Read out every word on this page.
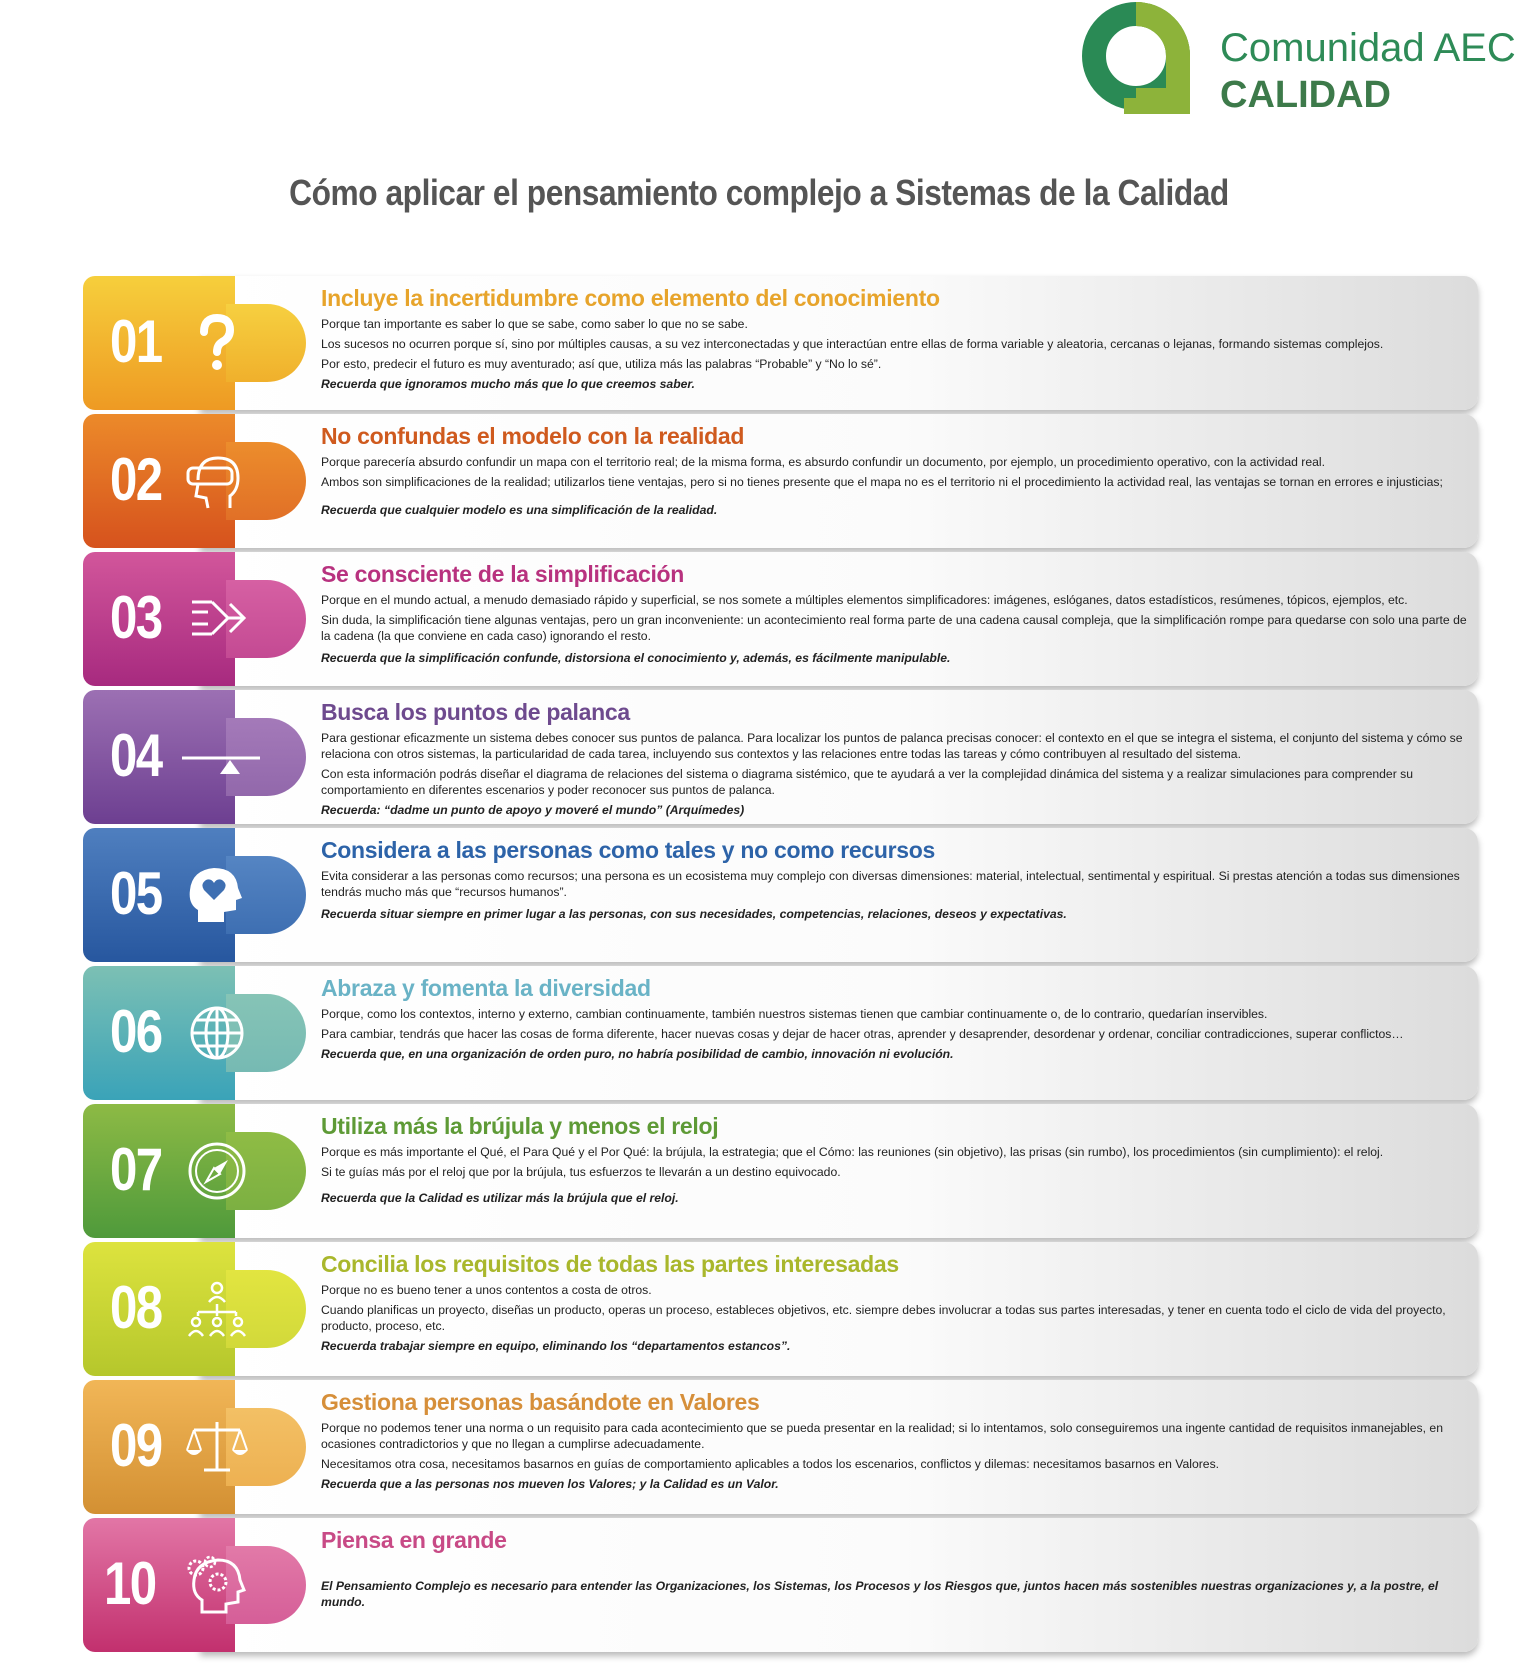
Comunidad AEC
CALIDAD
Cómo aplicar el pensamiento complejo a Sistemas de la Calidad
01
Incluye la incertidumbre como elemento del conocimiento
Porque tan importante es saber lo que se sabe, como saber lo que no se sabe.
Los sucesos no ocurren porque sí, sino por múltiples causas, a su vez interconectadas y que interactúan entre ellas de forma variable y aleatoria, cercanas o lejanas, formando sistemas complejos.
Por esto, predecir el futuro es muy aventurado; así que, utiliza más las palabras “Probable” y “No lo sé”.
Recuerda que ignoramos mucho más que lo que creemos saber.
02
No confundas el modelo con la realidad
Porque parecería absurdo confundir un mapa con el territorio real; de la misma forma, es absurdo confundir un documento, por ejemplo, un procedimiento operativo, con la actividad real.
Ambos son simplificaciones de la realidad; utilizarlos tiene ventajas, pero si no tienes presente que el mapa no es el territorio ni el procedimiento la actividad real, las ventajas se tornan en errores e injusticias;
Recuerda que cualquier modelo es una simplificación de la realidad.
03
Se consciente de la simplificación
Porque en el mundo actual, a menudo demasiado rápido y superficial, se nos somete a múltiples elementos simplificadores: imágenes, eslóganes, datos estadísticos, resúmenes, tópicos, ejemplos, etc.
Sin duda, la simplificación tiene algunas ventajas, pero un gran inconveniente: un acontecimiento real forma parte de una cadena causal compleja, que la simplificación rompe para quedarse con solo una parte de la cadena (la que conviene en cada caso) ignorando el resto.
Recuerda que la simplificación confunde, distorsiona el conocimiento y, además, es fácilmente manipulable.
04
Busca los puntos de palanca
Para gestionar eficazmente un sistema debes conocer sus puntos de palanca. Para localizar los puntos de palanca precisas conocer: el contexto en el que se integra el sistema, el conjunto del sistema y cómo se relaciona con otros sistemas, la particularidad de cada tarea, incluyendo sus contextos y las relaciones entre todas las tareas y cómo contribuyen al resultado del sistema.
Con esta información podrás diseñar el diagrama de relaciones del sistema o diagrama sistémico, que te ayudará a ver la complejidad dinámica del sistema y a realizar simulaciones para comprender su comportamiento en diferentes escenarios y poder reconocer sus puntos de palanca.
Recuerda: “dadme un punto de apoyo y moveré el mundo” (Arquímedes)
05
Considera a las personas como tales y no como recursos
Evita considerar a las personas como recursos; una persona es un ecosistema muy complejo con diversas dimensiones: material, intelectual, sentimental y espiritual. Si prestas atención a todas sus dimensiones tendrás mucho más que “recursos humanos”.
Recuerda situar siempre en primer lugar a las personas, con sus necesidades, competencias, relaciones, deseos y expectativas.
06
Abraza y fomenta la diversidad
Porque, como los contextos, interno y externo, cambian continuamente, también nuestros sistemas tienen que cambiar continuamente o, de lo contrario, quedarían inservibles.
Para cambiar, tendrás que hacer las cosas de forma diferente, hacer nuevas cosas y dejar de hacer otras, aprender y desaprender, desordenar y ordenar, conciliar contradicciones, superar conflictos…
Recuerda que, en una organización de orden puro, no habría posibilidad de cambio, innovación ni evolución.
07
Utiliza más la brújula y menos el reloj
Porque es más importante el Qué, el Para Qué y el Por Qué: la brújula, la estrategia; que el Cómo: las reuniones (sin objetivo), las prisas (sin rumbo), los procedimientos (sin cumplimiento): el reloj.
Si te guías más por el reloj que por la brújula, tus esfuerzos te llevarán a un destino equivocado.
Recuerda que la Calidad es utilizar más la brújula que el reloj.
08
Concilia los requisitos de todas las partes interesadas
Porque no es bueno tener a unos contentos a costa de otros.
Cuando planificas un proyecto, diseñas un producto, operas un proceso, estableces objetivos, etc. siempre debes involucrar a todas sus partes interesadas, y tener en cuenta todo el ciclo de vida del proyecto, producto, proceso, etc.
Recuerda trabajar siempre en equipo, eliminando los “departamentos estancos”.
09
Gestiona personas basándote en Valores
Porque no podemos tener una norma o un requisito para cada acontecimiento que se pueda presentar en la realidad; si lo intentamos, solo conseguiremos una ingente cantidad de requisitos inmanejables, en ocasiones contradictorios y que no llegan a cumplirse adecuadamente.
Necesitamos otra cosa, necesitamos basarnos en guías de comportamiento aplicables a todos los escenarios, conflictos y dilemas: necesitamos basarnos en Valores.
Recuerda que a las personas nos mueven los Valores; y la Calidad es un Valor.
10
Piensa en grande
El Pensamiento Complejo es necesario para entender las Organizaciones, los Sistemas, los Procesos y los Riesgos que, juntos hacen más sostenibles nuestras organizaciones y, a la postre, el mundo.
